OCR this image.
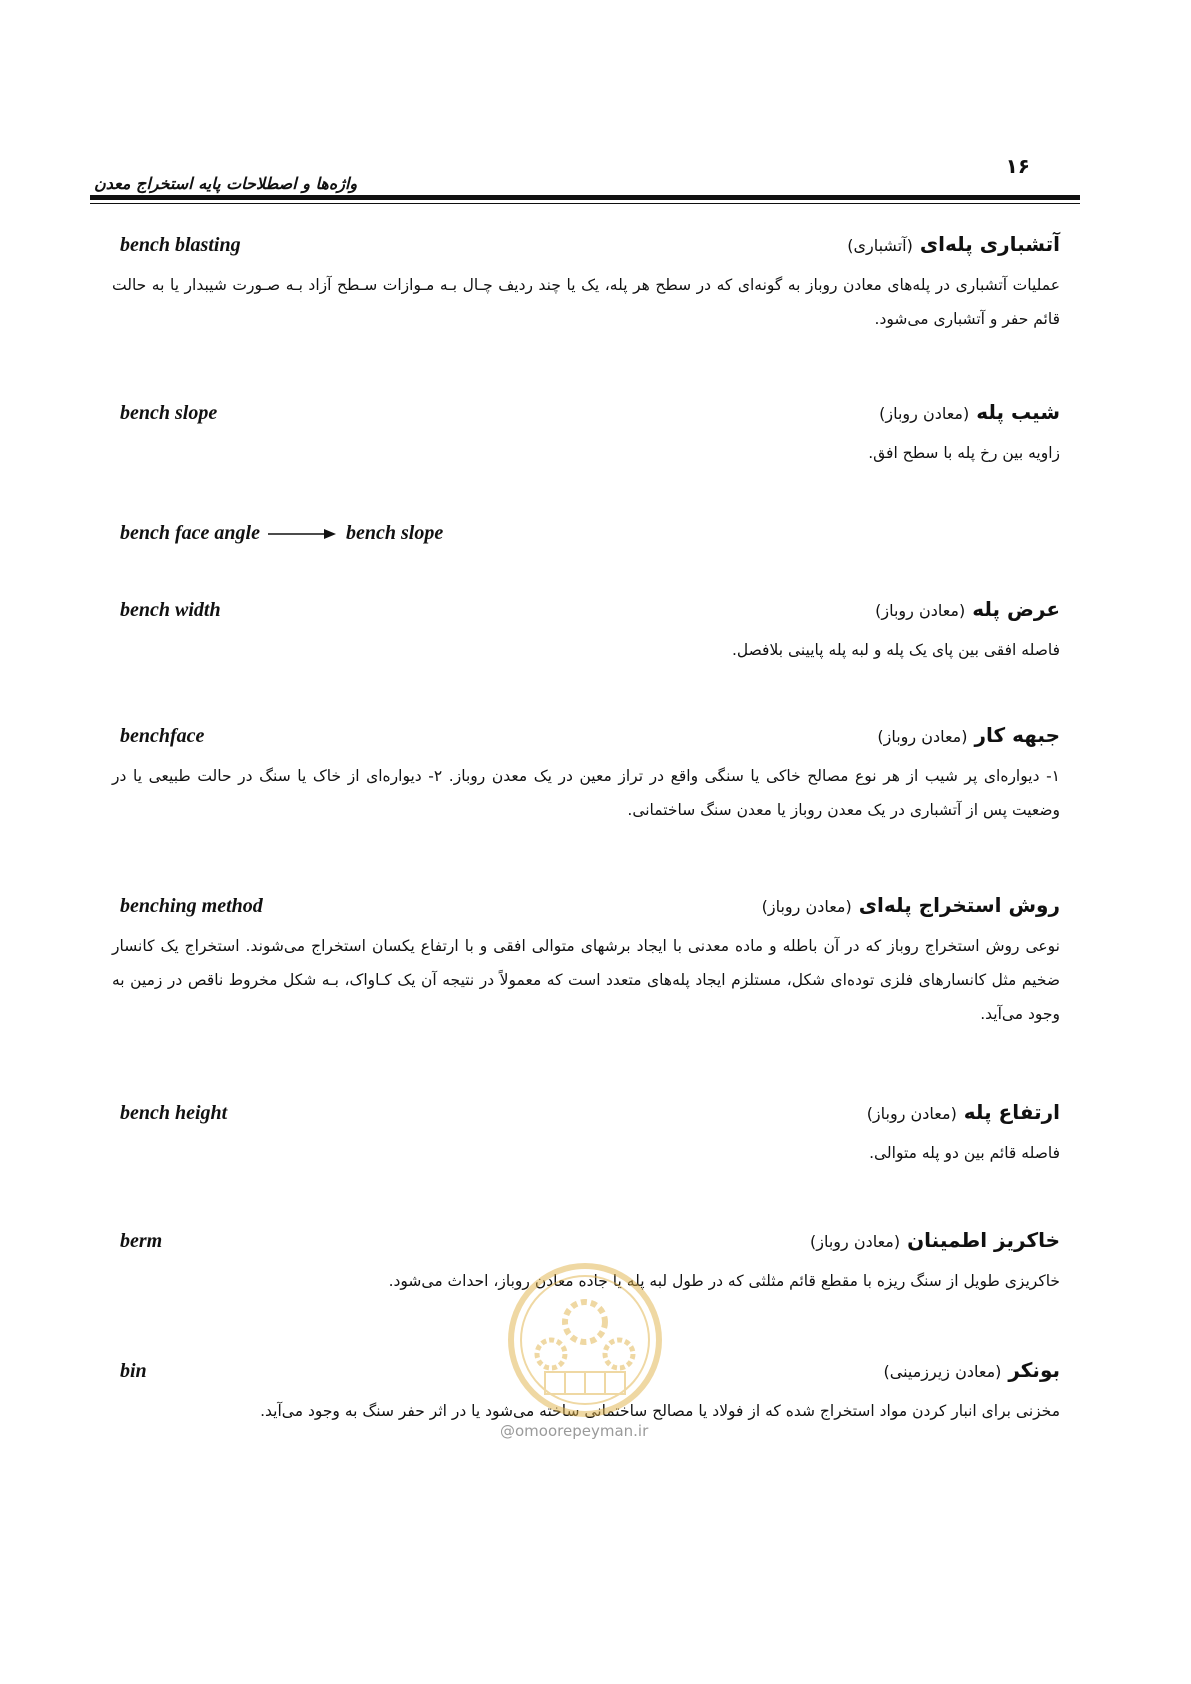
۱۶
واژه‌ها و اصطلاحات پایه استخراج معدن
bench blasting	آتشباری پله‌ای (آتشباری)
عملیات آتشباری در پله‌های معادن روباز به گونه‌ای که در سطح هر پله، یک یا چند ردیف چـال بـه مـوازات سـطح آزاد بـه صـورت شیبدار یا به حالت قائم حفر و آتشباری می‌شود.
bench slope	شیب پله (معادن روباز)
زاویه بین رخ پله با سطح افق.
bench face angle	bench slope
bench width	عرض پله (معادن روباز)
فاصله افقی بین پای یک پله و لبه پله پایینی بلافصل.
benchface	جبهه کار (معادن روباز)
۱- دیواره‌ای پر شیب از هر نوع مصالح خاکی یا سنگی واقع در تراز معین در یک معدن روباز. ۲- دیواره‌ای از خاک یا سنگ در حالت طبیعی یا در وضعیت پس از آتشباری در یک معدن روباز یا معدن سنگ ساختمانی.
benching method	روش استخراج پله‌ای (معادن روباز)
نوعی روش استخراج روباز که در آن باطله و ماده معدنی با ایجاد برشهای متوالی افقی و با ارتفاع یکسان استخراج می‌شوند. استخراج یک کانسار ضخیم مثل کانسارهای فلزی توده‌ای شکل، مستلزم ایجاد پله‌های متعدد است که معمولاً در نتیجه آن یک کـاواک، بـه شکل مخروط ناقص در زمین به وجود می‌آید.
bench height	ارتفاع پله (معادن روباز)
فاصله قائم بین دو پله متوالی.
berm	خاکریز اطمینان (معادن روباز)
خاکریزی طویل از سنگ ریزه با مقطع قائم مثلثی که در طول لبه پله یا جاده معادن روباز، احداث می‌شود.
bin	بونکر (معادن زیرزمینی)
مخزنی برای انبار کردن مواد استخراج شده که از فولاد یا مصالح ساختمانی ساخته می‌شود یا در اثر حفر سنگ به وجود می‌آید.
@omoorepeyman.ir
